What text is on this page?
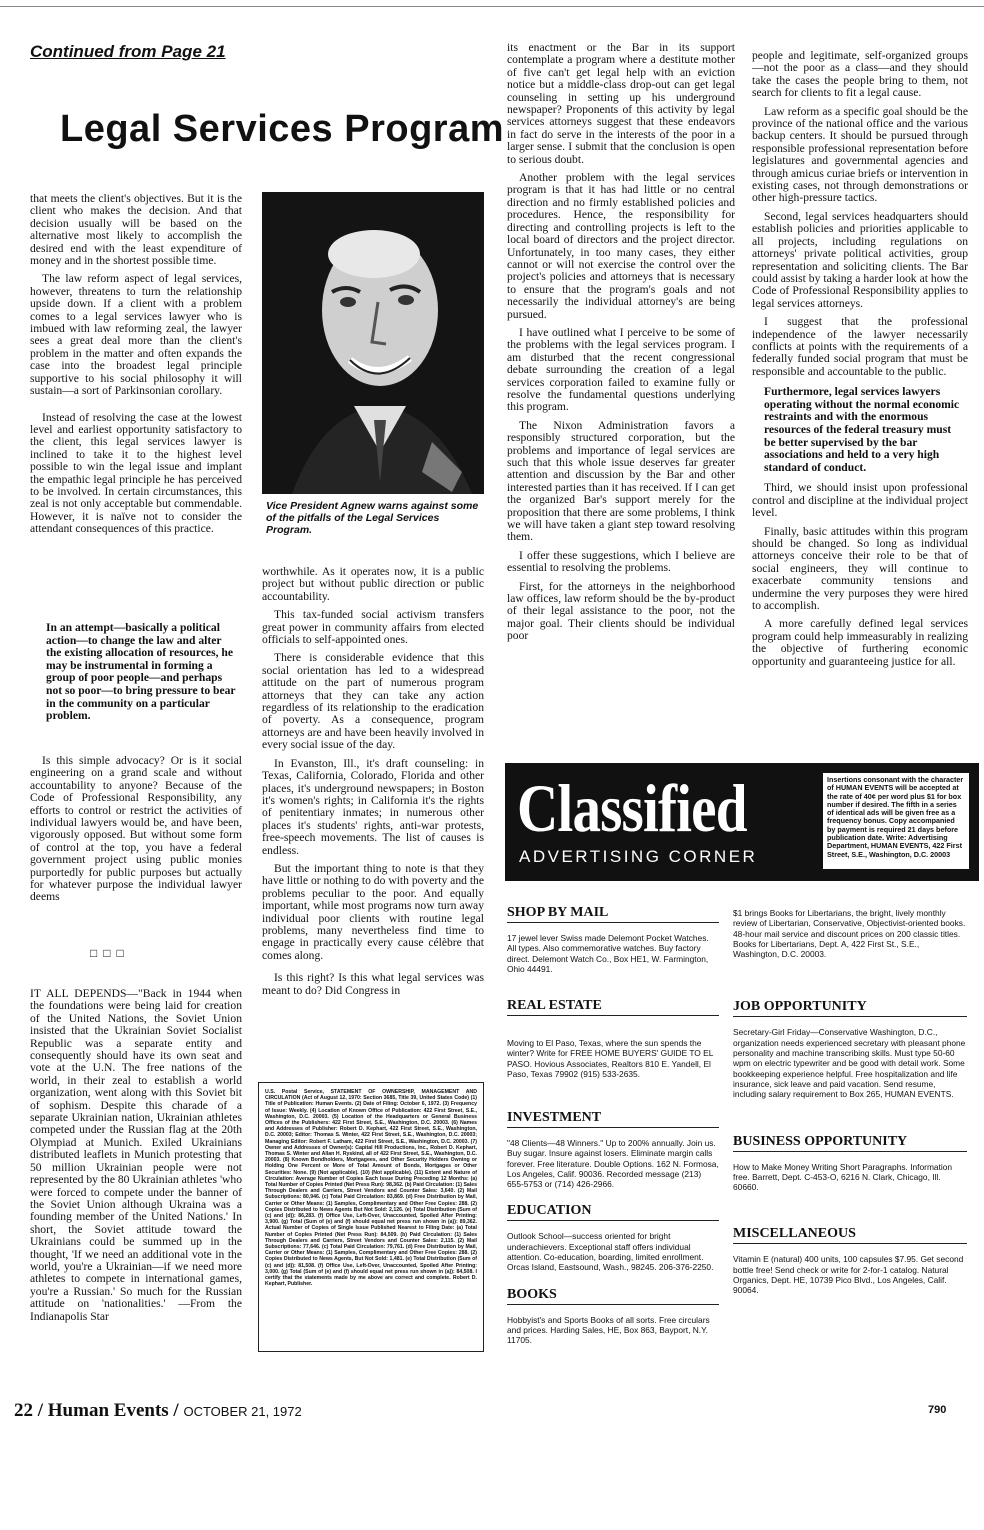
Continued from Page 21
Legal Services Program

that meets the client's objectives. But it is the client who makes the decision. And that decision usually will be based on the alternative most likely to accomplish the desired end with the least expenditure of money and in the shortest possible time.

The law reform aspect of legal services, however, threatens to turn the relationship upside down. If a client with a problem comes to a legal services lawyer who is imbued with law reforming zeal, the lawyer sees a great deal more than the client's problem in the matter and often expands the case into the broadest legal principle supportive to his social philosophy it will sustain—a sort of Parkinsonian corollary.

Instead of resolving the case at the lowest level and earliest opportunity satisfactory to the client, this legal services lawyer is inclined to take it to the highest level possible to win the legal issue and implant the empathic legal principle he has perceived to be involved. In certain circumstances, this zeal is not only acceptable but commendable. However, it is naïve not to consider the attendant consequences of this practice.

In an attempt—basically a political action—to change the law and alter the existing allocation of resources, he may be instrumental in forming a group of poor people—and perhaps not so poor—to bring pressure to bear in the community on a particular problem.

Is this simple advocacy? Or is it social engineering on a grand scale and without accountability to anyone? Because of the Code of Professional Responsibility, any efforts to control or restrict the activities of individual lawyers would be, and have been, vigorously opposed. But without some form of control at the top, you have a federal government project using public monies purportedly for public purposes but actually for whatever purpose the individual lawyer deems

□□□

IT ALL DEPENDS—"Back in 1944 when the foundations were being laid for creation of the United Nations, the Soviet Union insisted that the Ukrainian Soviet Socialist Republic was a separate entity and consequently should have its own seat and vote at the U.N. The free nations of the world, in their zeal to establish a world organization, went along with this Soviet bit of sophism. Despite this charade of a separate Ukrainian nation, Ukrainian athletes competed under the Russian flag at the 20th Olympiad at Munich. Exiled Ukrainians distributed leaflets in Munich protesting that 50 million Ukrainian people were not represented by the 80 Ukrainian athletes 'who were forced to compete under the banner of the Soviet Union although Ukraina was a founding member of the United Nations.' In short, the Soviet attitude toward the Ukrainians could be summed up in the thought, 'If we need an additional vote in the world, you're a Ukrainian—if we need more athletes to compete in international games, you're a Russian.' So much for the Russian attitude on 'nationalities.' —From the Indianapolis Star

Vice President Agnew warns against some of the pitfalls of the Legal Services Program.

worthwhile. As it operates now, it is a public project but without public direction or public accountability.

This tax-funded social activism transfers great power in community affairs from elected officials to self-appointed ones.

There is considerable evidence that this social orientation has led to a widespread attitude on the part of numerous program attorneys that they can take any action regardless of its relationship to the eradication of poverty. As a consequence, program attorneys are and have been heavily involved in every social issue of the day.

In Evanston, Ill., it's draft counseling: in Texas, California, Colorado, Florida and other places, it's underground newspapers; in Boston it's women's rights; in California it's the rights of penitentiary inmates; in numerous other places it's students' rights, anti-war protests, free-speech movements. The list of causes is endless.

But the important thing to note is that they have little or nothing to do with poverty and the problems peculiar to the poor. And equally important, while most programs now turn away individual poor clients with routine legal problems, many nevertheless find time to engage in practically every cause célèbre that comes along.

Is this right? Is this what legal services was meant to do? Did Congress in

U.S. Postal Service, STATEMENT OF OWNERSHIP, MANAGEMENT AND CIRCULATION (Act of August 12, 1970: Section 3685, Title 39, United States Code) (1) Title of Publication: Human Events. (2) Date of Filing: October 6, 1972. (3) Frequency of Issue: Weekly. (4) Location of Known Office of Publication: 422 First Street, S.E., Washington, D.C. 20003. (5) Location of the Headquarters or General Business Offices of the Publishers: 422 First Street, S.E., Washington, D.C. 20003. (6) Names and Addresses of Publisher: Robert D. Kephart, 422 First Street, S.E., Washington, D.C. 20003; Editor: Thomas S. Winter, 422 First Street, S.E., Washington, D.C. 20003; Managing Editor: Robert F. Latham, 422 First Street, S.E., Washington, D.C. 20003. (7) Owner and Addresses of Owner(s): Capital Hill Productions, Inc., Robert D. Kephart, Thomas S. Winter and Allan H. Ryskind, all of 422 First Street, S.E., Washington, D.C. 20003. (8) Known Bondholders, Mortgagees, and Other Security Holders Owning or Holding One Percent or More of Total Amount of Bonds, Mortgages or Other Securities: None. (9) (Not applicable). (10) (Not applicable). (11) Extent and Nature of Circulation: Average Number of Copies Each Issue During Preceding 12 Months: (a) Total Number of Copies Printed (Net Press Run): 98,362. (b) Paid Circulation: (1) Sales Through Dealers and Carriers, Street Vendors and Counter Sales: 3,640. (2) Mail Subscriptions: 80,946. (c) Total Paid Circulation: 83,869. (d) Free Distribution by Mail, Carrier or Other Means: (1) Samples, Complimentary and Other Free Copies: 288. (2) Copies Distributed to News Agents But Not Sold: 2,126. (e) Total Distribution (Sum of (c) and (d)): 86,283. (f) Office Use, Left-Over, Unaccounted, Spoiled After Printing: 3,900. (g) Total (Sum of (e) and (f) should equal net press run shown in (a)): 89,362. Actual Number of Copies of Single Issue Published Nearest to Filing Date: (a) Total Number of Copies Printed (Net Press Run): 84,509. (b) Paid Circulation: (1) Sales Through Dealers and Carriers, Street Vendors and Counter Sales: 2,115. (2) Mail Subscriptions: 77,646. (c) Total Paid Circulation: 79,761. (d) Free Distribution by Mail, Carrier or Other Means: (1) Samples, Complimentary and Other Free Copies: 288. (2) Copies Distributed to News Agents, But Not Sold: 1,481. (e) Total Distribution (Sum of (c) and (d)): 81,508. (f) Office Use, Left-Over, Unaccounted, Spoiled After Printing: 3,000. (g) Total (Sum of (e) and (f) should equal net press run shown in (a)): 84,508. I certify that the statements made by me above are correct and complete. Robert D. Kephart, Publisher.

its enactment or the Bar in its support contemplate a program where a destitute mother of five can't get legal help with an eviction notice but a middle-class drop-out can get legal counseling in setting up his underground newspaper? Proponents of this activity by legal services attorneys suggest that these endeavors in fact do serve in the interests of the poor in a larger sense. I submit that the conclusion is open to serious doubt.

Another problem with the legal services program is that it has had little or no central direction and no firmly established policies and procedures. Hence, the responsibility for directing and controlling projects is left to the local board of directors and the project director. Unfortunately, in too many cases, they either cannot or will not exercise the control over the project's policies and attorneys that is necessary to ensure that the program's goals and not necessarily the individual attorney's are being pursued.

I have outlined what I perceive to be some of the problems with the legal services program. I am disturbed that the recent congressional debate surrounding the creation of a legal services corporation failed to examine fully or resolve the fundamental questions underlying this program.

The Nixon Administration favors a responsibly structured corporation, but the problems and importance of legal services are such that this whole issue deserves far greater attention and discussion by the Bar and other interested parties than it has received. If I can get the organized Bar's support merely for the proposition that there are some problems, I think we will have taken a giant step toward resolving them.

I offer these suggestions, which I believe are essential to resolving the problems.

First, for the attorneys in the neighborhood law offices, law reform should be the by-product of their legal assistance to the poor, not the major goal. Their clients should be individual poor

people and legitimate, self-organized groups—not the poor as a class—and they should take the cases the people bring to them, not search for clients to fit a legal cause.

Law reform as a specific goal should be the province of the national office and the various backup centers. It should be pursued through responsible professional representation before legislatures and governmental agencies and through amicus curiae briefs or intervention in existing cases, not through demonstrations or other high-pressure tactics.

Second, legal services headquarters should establish policies and priorities applicable to all projects, including regulations on attorneys' private political activities, group representation and soliciting clients. The Bar could assist by taking a harder look at how the Code of Professional Responsibility applies to legal services attorneys.

I suggest that the professional independence of the lawyer necessarily conflicts at points with the requirements of a federally funded social program that must be responsible and accountable to the public.

Furthermore, legal services lawyers operating without the normal economic restraints and with the enormous resources of the federal treasury must be better supervised by the bar associations and held to a very high standard of conduct.

Third, we should insist upon professional control and discipline at the individual project level.

Finally, basic attitudes within this program should be changed. So long as individual attorneys conceive their role to be that of social engineers, they will continue to exacerbate community tensions and undermine the very purposes they were hired to accomplish.

A more carefully defined legal services program could help immeasurably in realizing the objective of furthering economic opportunity and guaranteeing justice for all.

Classified
ADVERTISING CORNER
Insertions consonant with the character of HUMAN EVENTS will be accepted at the rate of 40¢ per word plus $1 for box number if desired. The fifth in a series of identical ads will be given free as a frequency bonus. Copy accompanied by payment is required 21 days before publication date. Write: Advertising Department, HUMAN EVENTS, 422 First Street, S.E., Washington, D.C. 20003
SHOP BY MAIL

17 jewel lever Swiss made Delemont Pocket Watches. All types. Also commemorative watches. Buy factory direct. Delemont Watch Co., Box HE1, W. Farmington, Ohio 44491.

REAL ESTATE

Moving to El Paso, Texas, where the sun spends the winter? Write for FREE HOME BUYERS' GUIDE TO EL PASO. Hovious Associates, Realtors 810 E. Yandell, El Paso, Texas 79902 (915) 533-2635.

INVESTMENT

"48 Clients—48 Winners." Up to 200% annually. Join us. Buy sugar. Insure against losers. Eliminate margin calls forever. Free literature. Double Options. 162 N. Formosa, Los Angeles, Calif. 90036. Recorded message (213) 655-5753 or (714) 426-2966.

EDUCATION

Outlook School—success oriented for bright underachievers. Exceptional staff offers individual attention. Co-education, boarding, limited enrollment. Orcas Island, Eastsound, Wash., 98245. 206-376-2250.

BOOKS

Hobbyist's and Sports Books of all sorts. Free circulars and prices. Harding Sales, HE, Box 863, Bayport, N.Y. 11705.

$1 brings Books for Libertarians, the bright, lively monthly review of Libertarian, Conservative, Objectivist-oriented books. 48-hour mail service and discount prices on 200 classic titles. Books for Libertarians, Dept. A, 422 First St., S.E., Washington, D.C. 20003.

JOB OPPORTUNITY

Secretary-Girl Friday—Conservative Washington, D.C., organization needs experienced secretary with pleasant phone personality and machine transcribing skills. Must type 50-60 wpm on electric typewriter and be good with detail work. Some bookkeeping experience helpful. Free hospitalization and life insurance, sick leave and paid vacation. Send resume, including salary requirement to Box 265, HUMAN EVENTS.

BUSINESS OPPORTUNITY

How to Make Money Writing Short Paragraphs. Information free. Barrett, Dept. C-453-O, 6216 N. Clark, Chicago, Ill. 60660.

MISCELLANEOUS

Vitamin E (natural) 400 units, 100 capsules $7.95. Get second bottle free! Send check or write for 2-for-1 catalog. Natural Organics, Dept. HE, 10739 Pico Blvd., Los Angeles, Calif. 90064.

22 / Human Events / OCTOBER 21, 1972	790
